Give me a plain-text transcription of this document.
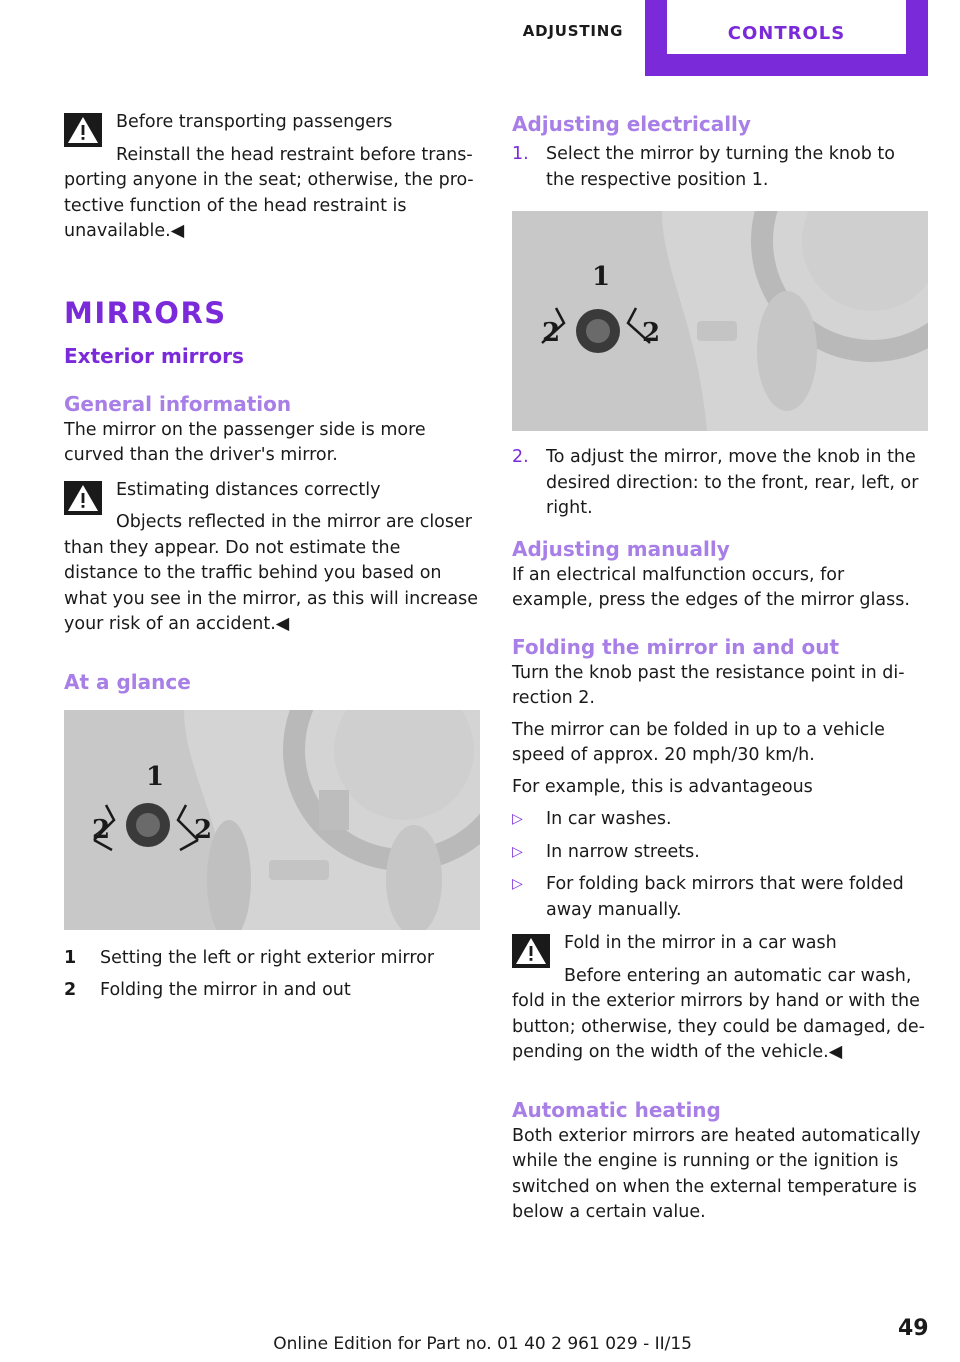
ADJUSTING	CONTROLS

Before transporting passengers

Reinstall the head restraint before transporting anyone in the seat; otherwise, the protective function of the head restraint is unavailable.◀

MIRRORS
Exterior mirrors
General information

The mirror on the passenger side is more curved than the driver's mirror.

Estimating distances correctly

Objects reflected in the mirror are closer than they appear. Do not estimate the distance to the traffic behind you based on what you see in the mirror, as this will increase your risk of an accident.◀

At a glance
1
2	2
1	Setting the left or right exterior mirror
2	Folding the mirror in and out
Adjusting electrically
1. Select the mirror by turning the knob to the respective position 1.
1
2	2
2. To adjust the mirror, move the knob in the desired direction: to the front, rear, left, or right.
Adjusting manually

If an electrical malfunction occurs, for example, press the edges of the mirror glass.

Folding the mirror in and out

Turn the knob past the resistance point in direction 2.

The mirror can be folded in up to a vehicle speed of approx. 20 mph/30 km/h.

For example, this is advantageous

▷	In car washes.
▷	In narrow streets.
▷	For folding back mirrors that were folded away manually.

Fold in the mirror in a car wash

Before entering an automatic car wash, fold in the exterior mirrors by hand or with the button; otherwise, they could be damaged, depending on the width of the vehicle.◀

Automatic heating

Both exterior mirrors are heated automatically while the engine is running or the ignition is switched on when the external temperature is below a certain value.

Online Edition for Part no. 01 40 2 961 029 - II/15
49
